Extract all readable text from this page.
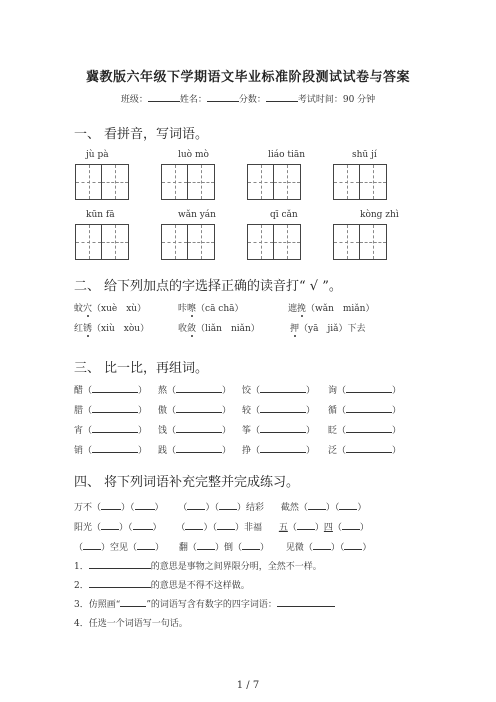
冀教版六年级下学期语文毕业标准阶段测试试卷与答案
班级：	姓名：	分数：	考试时间：90 分钟
一、 看拼音，写词语。
jù pà	luò mò	liáo tiān	shū jí
kūn fā	wǎn yán	qī cǎn	kòng zhì
二、 给下列加点的字选择正确的读音打“ √ ”。
蚊穴（xuè　xù）	咔嚓（cā chā）	遮挽（wǎn　miǎn）
红锈（xiù　xòu）	收敛（liǎn　niǎn）	押（yā　jiǎ）下去
三、 比一比，再组词。
醋（	） 熬（	） 饺（	） 询（	）
腊（	） 傲（	） 较（	） 循（	）
宵（	） 饯（	） 筝（	） 眨（	）
销（	） 践（	） 挣（	） 泛（	）
四、 将下列词语补充完整并完成练习。
万不（ ）（ ） （ ）（ ）结彩 截然（ ）（ ）
阳光（ ）（ ） （ ）（ ）非福 五（ ）四（ ）
（ ）空见（ ） 翻（ ）倒（ ） 见微（ ）（ ）
1．	的意思是事物之间界限分明，全然不一样。
2．	的意思是不得不这样做。
3．仿照画“	”的词语写含有数字的四字词语：
4．任选一个词语写一句话。
1 / 7
